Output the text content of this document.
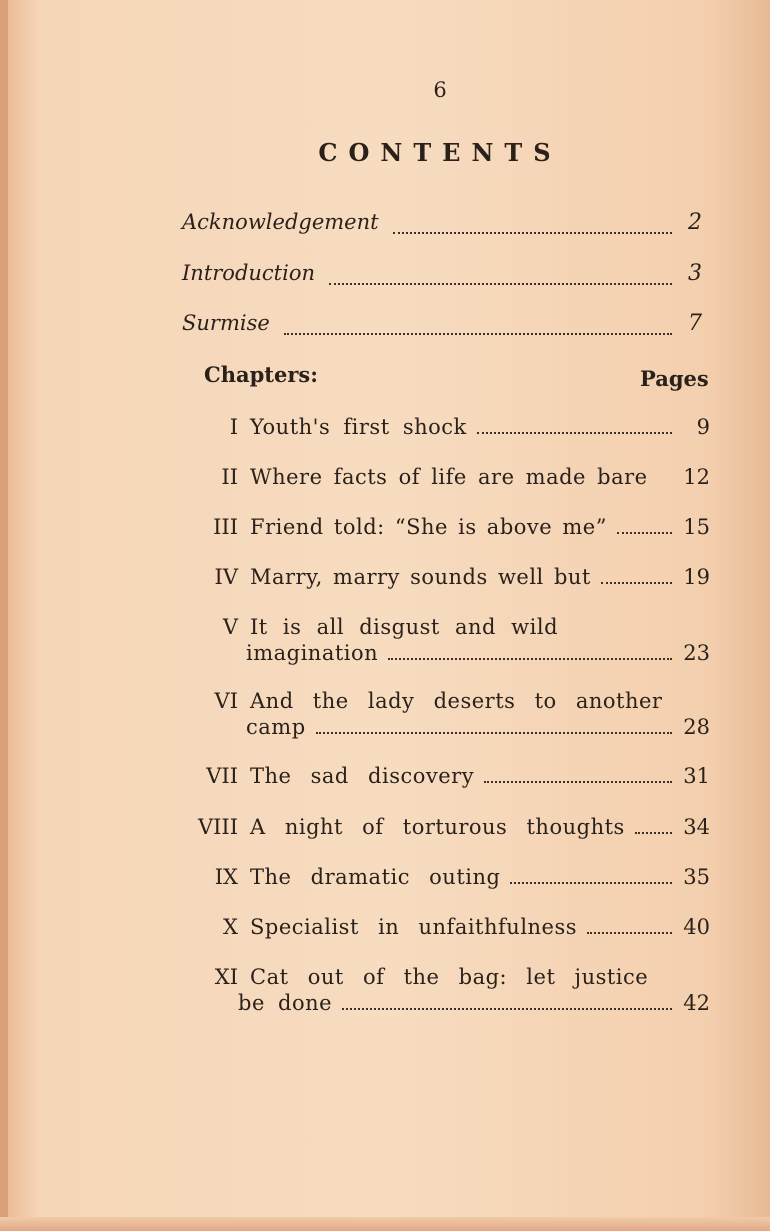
6
CONTENTS
Acknowledgement	2
Introduction	3
Surmise	7
Chapters:	Pages
I Youth's first shock	9
II Where facts of life are made bare 12
III Friend told: “She is above me”	15
IV Marry, marry sounds well but	19
V It is all disgust and wild
imagination	23
VI And the lady deserts to another
camp	28
VII The sad discovery	31
VIII A night of torturous thoughts	34
IX The dramatic outing	35
X Specialist in unfaithfulness	40
XI Cat out of the bag: let justice
be done	42
